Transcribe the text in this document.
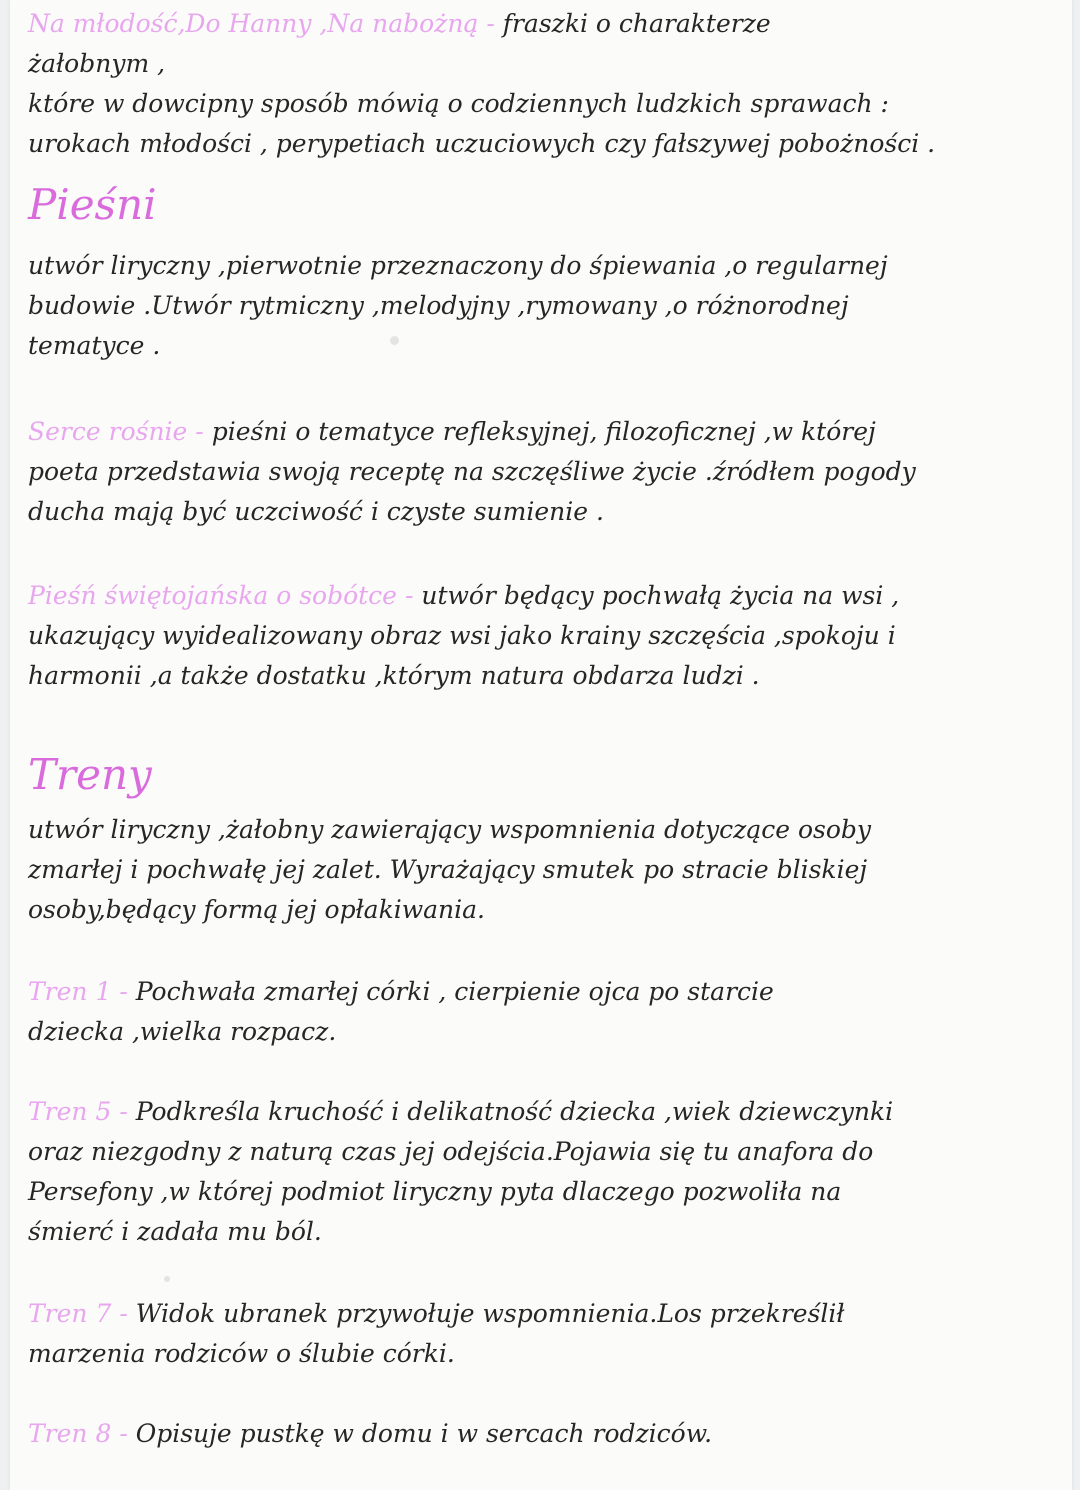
Na młodość,Do Hanny ,Na nabożną - fraszki o charakterze
żałobnym ,
które w dowcipny sposób mówią o codziennych ludzkich sprawach :
urokach młodości , perypetiach uczuciowych czy fałszywej pobożności .
Pieśni
utwór liryczny ,pierwotnie przeznaczony do śpiewania ,o regularnej
budowie .Utwór rytmiczny ,melodyjny ,rymowany ,o różnorodnej
tematyce .
Serce rośnie - pieśni o tematyce refleksyjnej, filozoficznej ,w której
poeta przedstawia swoją receptę na szczęśliwe życie .źródłem pogody
ducha mają być uczciwość i czyste sumienie .
Pieśń świętojańska o sobótce - utwór będący pochwałą życia na wsi ,
ukazujący wyidealizowany obraz wsi jako krainy szczęścia ,spokoju i
harmonii ,a także dostatku ,którym natura obdarza ludzi .
Treny
utwór liryczny ,żałobny zawierający wspomnienia dotyczące osoby
zmarłej i pochwałę jej zalet. Wyrażający smutek po stracie bliskiej
osoby,będący formą jej opłakiwania.
Tren 1 - Pochwała zmarłej córki , cierpienie ojca po starcie
dziecka ,wielka rozpacz.
Tren 5 - Podkreśla kruchość i delikatność dziecka ,wiek dziewczynki
oraz niezgodny z naturą czas jej odejścia.Pojawia się tu anafora do
Persefony ,w której podmiot liryczny pyta dlaczego pozwoliła na
śmierć i zadała mu ból.
Tren 7 - Widok ubranek przywołuje wspomnienia.Los przekreślił
marzenia rodziców o ślubie córki.
Tren 8 - Opisuje pustkę w domu i w sercach rodziców.
